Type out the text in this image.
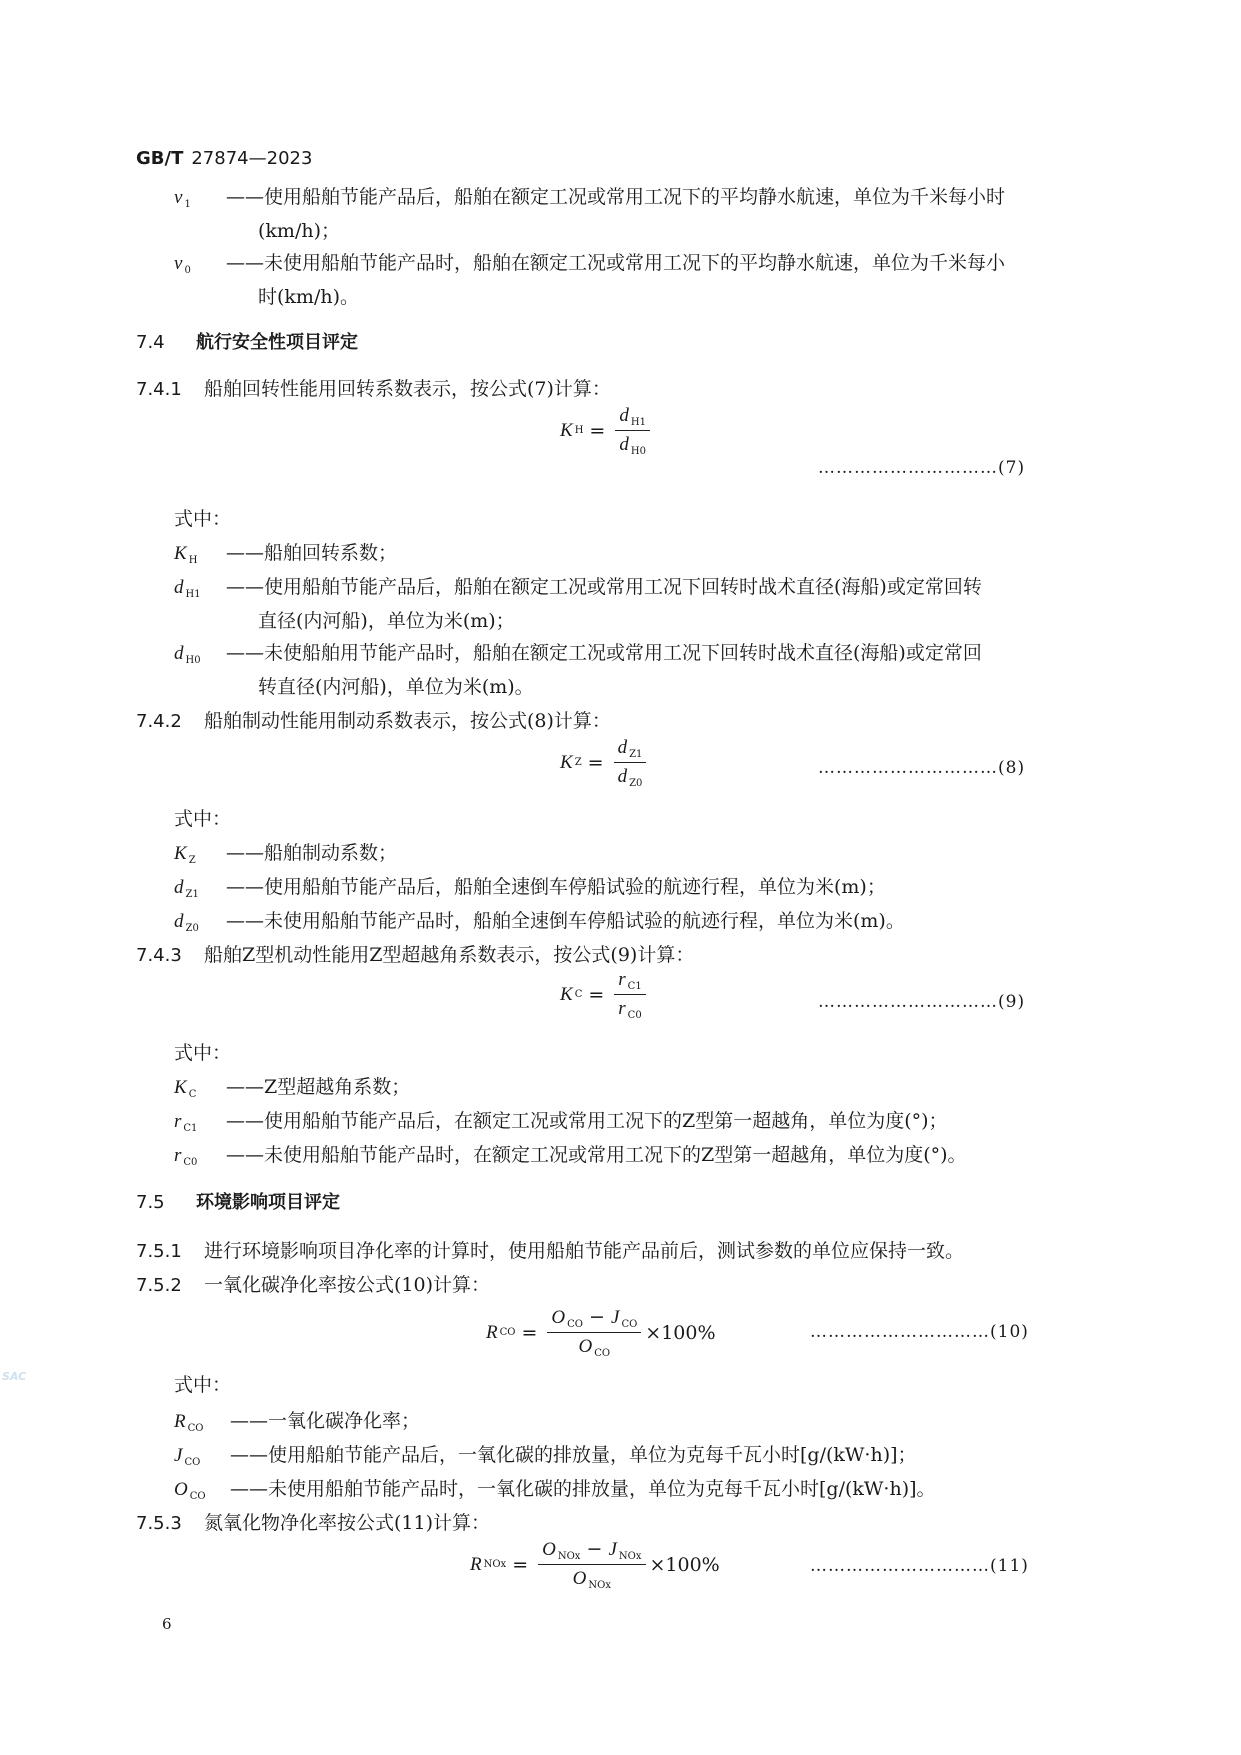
GB/T 27874—2023
v $_1$ ——使用船舶节能产品后，船舶在额定工况或常用工况下的平均静水航速，单位为千米每小时
(km/h)；
v $_0$ ——未使用船舶节能产品时，船舶在额定工况或常用工况下的平均静水航速，单位为千米每小
时(km/h)。
7.4 航行安全性项目评定
7.4.1 船舶回转性能用回转系数表示，按公式(7)计算：
K $H = \frac{d _{H1}}{d _{H0}}$
…………………………(7)
式中：
K $_H$ ——船舶回转系数；
d $_{H1}$ ——使用船舶节能产品后，船舶在额定工况或常用工况下回转时战术直径(海船)或定常回转
直径(内河船)，单位为米(m)；
d $_{H0}$ ——未使船舶用节能产品时，船舶在额定工况或常用工况下回转时战术直径(海船)或定常回
转直径(内河船)，单位为米(m)。
7.4.2 船舶制动性能用制动系数表示，按公式(8)计算：
K $Z = \frac{d _{Z1}}{d _{Z0}}$	…………………………(8)
式中：
K $_Z$ ——船舶制动系数；
d $_{Z1}$ ——使用船舶节能产品后，船舶全速倒车停船试验的航迹行程，单位为米(m)；
d $_{Z0}$ ——未使用船舶节能产品时，船舶全速倒车停船试验的航迹行程，单位为米(m)。
7.4.3 船舶Z型机动性能用Z型超越角系数表示，按公式(9)计算：
K $C = \frac{r _{C1}}{r _{C0}}$	…………………………(9)
式中：
K $_C$ ——Z型超越角系数；
r $_{C1}$ ——使用船舶节能产品后，在额定工况或常用工况下的Z型第一超越角，单位为度(°)；
r $_{C0}$ ——未使用船舶节能产品时，在额定工况或常用工况下的Z型第一超越角，单位为度(°)。
7.5 环境影响项目评定
7.5.1 进行环境影响项目净化率的计算时，使用船舶节能产品前后，测试参数的单位应保持一致。
7.5.2 一氧化碳净化率按公式(10)计算：
R CO = $\frac{O _{CO} - J _{CO}}{O _{CO}} \times 100\%$	…………………………(10)
式中：
R $_{CO}$ ——一氧化碳净化率；
J $_{CO}$ ——使用船舶节能产品后，一氧化碳的排放量，单位为克每千瓦小时[g/(kW·h)]；
O $_{CO}$ ——未使用船舶节能产品时，一氧化碳的排放量，单位为克每千瓦小时[g/(kW·h)]。
7.5.3 氮氧化物净化率按公式(11)计算：
R NOx = $\frac{O _{NOx} - J _{NOx}}{O _{NOx}} \times 100\%$	…………………………(11)
6
SAC
